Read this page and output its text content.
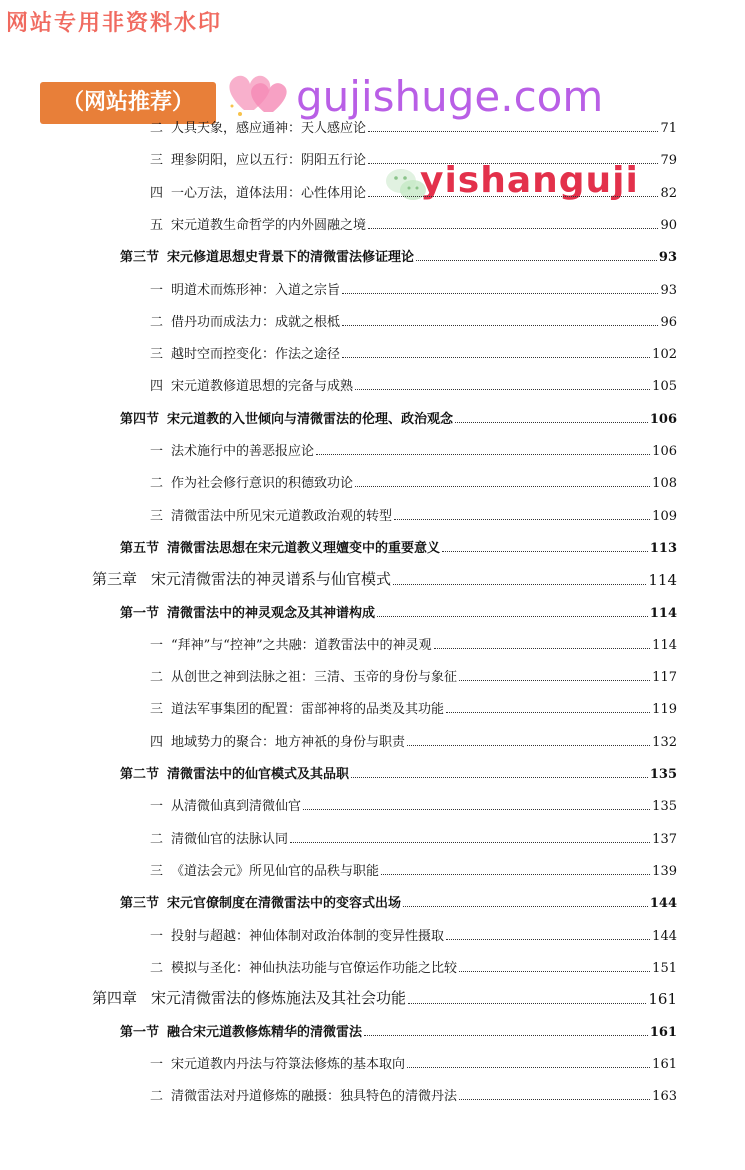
网站专用非资料水印
（网站推荐）	gujishuge.com
yishanguji
二 人具天象，感应通神：天人感应论	71
三 理参阴阳，应以五行：阴阳五行论	79
四 一心万法，道体法用：心性体用论	82
五 宋元道教生命哲学的内外圆融之境	90
第三节 宋元修道思想史背景下的清微雷法修证理论	93
一 明道术而炼形神：入道之宗旨	93
二 借丹功而成法力：成就之根柢	96
三 越时空而控变化：作法之途径	102
四 宋元道教修道思想的完备与成熟	105
第四节 宋元道教的入世倾向与清微雷法的伦理、政治观念	106
一 法术施行中的善恶报应论	106
二 作为社会修行意识的积德致功论	108
三 清微雷法中所见宋元道教政治观的转型	109
第五节 清微雷法思想在宋元道教义理嬗变中的重要意义	113
第三章 宋元清微雷法的神灵谱系与仙官模式	114
第一节 清微雷法中的神灵观念及其神谱构成	114
一 “拜神”与“控神”之共融：道教雷法中的神灵观	114
二 从创世之神到法脉之祖：三清、玉帝的身份与象征	117
三 道法军事集团的配置：雷部神将的品类及其功能	119
四 地域势力的聚合：地方神祇的身份与职责	132
第二节 清微雷法中的仙官模式及其品职	135
一 从清微仙真到清微仙官	135
二 清微仙官的法脉认同	137
三 《道法会元》所见仙官的品秩与职能	139
第三节 宋元官僚制度在清微雷法中的变容式出场	144
一 投射与超越：神仙体制对政治体制的变异性摄取	144
二 模拟与圣化：神仙执法功能与官僚运作功能之比较	151
第四章 宋元清微雷法的修炼施法及其社会功能	161
第一节 融合宋元道教修炼精华的清微雷法	161
一 宋元道教内丹法与符箓法修炼的基本取向	161
二 清微雷法对丹道修炼的融摄：独具特色的清微丹法	163
